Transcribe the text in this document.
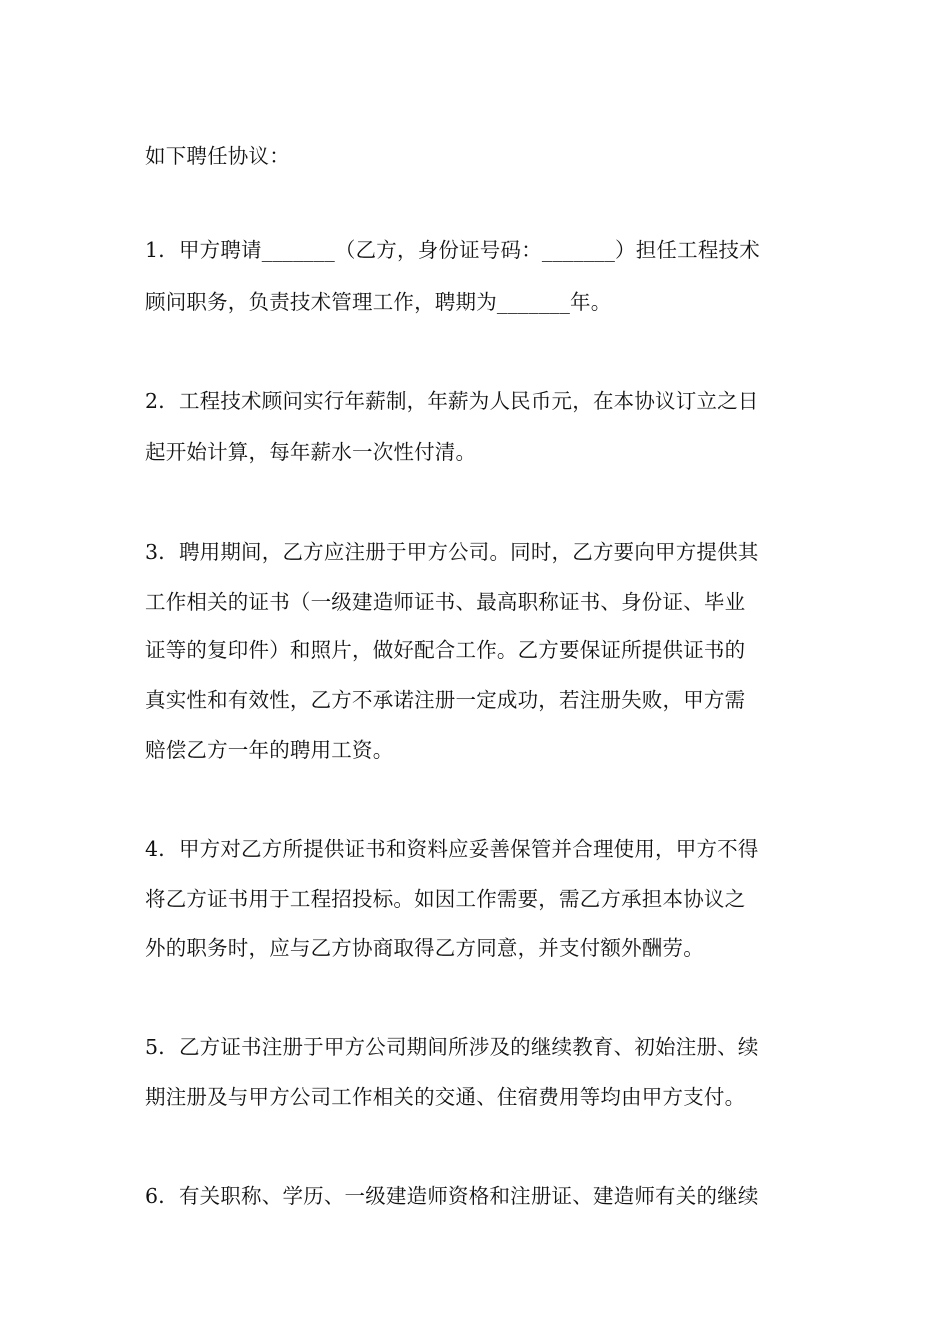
如下聘任协议：
1．甲方聘请_______（乙方，身份证号码：_______）担任工程技术
顾问职务，负责技术管理工作，聘期为_______年。
2．工程技术顾问实行年薪制，年薪为人民币元，在本协议订立之日
起开始计算，每年薪水一次性付清。
3．聘用期间，乙方应注册于甲方公司。同时，乙方要向甲方提供其
工作相关的证书（一级建造师证书、最高职称证书、身份证、毕业
证等的复印件）和照片，做好配合工作。乙方要保证所提供证书的
真实性和有效性，乙方不承诺注册一定成功，若注册失败，甲方需
赔偿乙方一年的聘用工资。
4．甲方对乙方所提供证书和资料应妥善保管并合理使用，甲方不得
将乙方证书用于工程招投标。如因工作需要，需乙方承担本协议之
外的职务时，应与乙方协商取得乙方同意，并支付额外酬劳。
5．乙方证书注册于甲方公司期间所涉及的继续教育、初始注册、续
期注册及与甲方公司工作相关的交通、住宿费用等均由甲方支付。
6．有关职称、学历、一级建造师资格和注册证、建造师有关的继续
